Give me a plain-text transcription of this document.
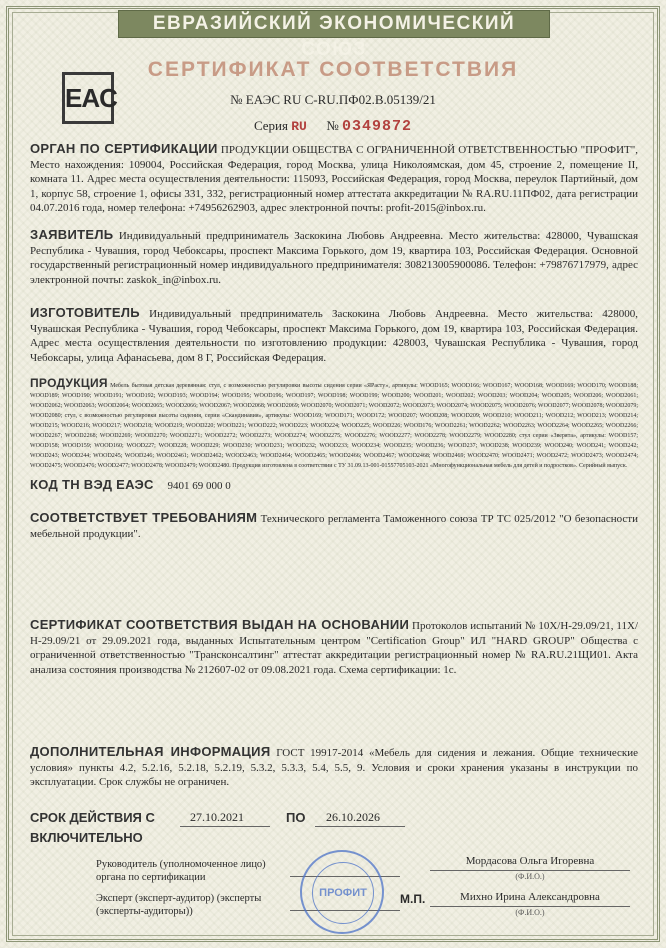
ЕВРАЗИЙСКИЙ ЭКОНОМИЧЕСКИЙ СОЮЗ
СЕРТИФИКАТ СООТВЕТСТВИЯ
EAC	№ ЕАЭС RU С-RU.ПФ02.В.05139/21
Серия RU № 0349872
ОРГАН ПО СЕРТИФИКАЦИИ ПРОДУКЦИИ ОБЩЕСТВА С ОГРАНИЧЕННОЙ ОТВЕТСТВЕННОСТЬЮ "ПРОФИТ", Место нахождения: 109004, Российская Федерация, город Москва, улица Николоямская, дом 45, строение 2, помещение II, комната 11. Адрес места осуществления деятельности: 115093, Российская Федерация, город Москва, переулок Партийный, дом 1, корпус 58, строение 1, офисы 331, 332, регистрационный номер аттестата аккредитации № RA.RU.11ПФ02, дата регистрации 04.07.2016 года, номер телефона: +74956262903, адрес электронной почты: profit-2015@inbox.ru.
ЗАЯВИТЕЛЬ Индивидуальный предприниматель Заскокина Любовь Андреевна. Место жительства: 428000, Чувашская Республика - Чувашия, город Чебоксары, проспект Максима Горького, дом 19, квартира 103, Российская Федерация. Основной государственный регистрационный номер индивидуального предпринимателя: 308213005900086. Телефон: +79876717979, адрес электронной почты: zaskok_in@inbox.ru.
ИЗГОТОВИТЕЛЬ Индивидуальный предприниматель Заскокина Любовь Андреевна. Место жительства: 428000, Чувашская Республика - Чувашия, город Чебоксары, проспект Максима Горького, дом 19, квартира 103, Российская Федерация. Адрес места осуществления деятельности по изготовлению продукции: 428003, Чувашская Республика - Чувашия, город Чебоксары, улица Афанасьева, дом 8 Г, Российская Федерация.
ПРОДУКЦИЯ Мебель бытовая детская деревянная: стул, с возможностью регулировки высоты сидения серии «ЯРасту», артикулы: WOOD165; WOOD166; WOOD167; WOOD168; WOOD169; WOOD170; WOOD188; WOOD189; WOOD190; WOOD191; WOOD192; WOOD193; WOOD194; WOOD195; WOOD196; WOOD197; WOOD198; WOOD199; WOOD200; WOOD201; WOOD202; WOOD203; WOOD204; WOOD205; WOOD206; WOOD2061; WOOD2062; WOOD2063; WOOD2064; WOOD2065; WOOD2066; WOOD2067; WOOD2068; WOOD2069; WOOD2070; WOOD2071; WOOD2072; WOOD2073; WOOD2074; WOOD2075; WOOD2076; WOOD2077; WOOD2078; WOOD2079; WOOD2080; стул, с возможностью регулировки высоты сидения, серии «Скандинавия», артикулы: WOOD169; WOOD171; WOOD172; WOOD207; WOOD208; WOOD209; WOOD210; WOOD211; WOOD212; WOOD213; WOOD214; WOOD215; WOOD216; WOOD217; WOOD218; WOOD219; WOOD220; WOOD221; WOOD222; WOOD223; WOOD224; WOOD225; WOOD226; WOOD176; WOOD2261; WOOD2262; WOOD2263; WOOD2264; WOOD2265; WOOD2266; WOOD2267; WOOD2268; WOOD2269; WOOD2270; WOOD2271; WOOD2272; WOOD2273; WOOD2274; WOOD2275; WOOD2276; WOOD2277; WOOD2278; WOOD2279; WOOD2280; стул серии «Зверята», артикулы: WOOD157; WOOD158; WOOD159; WOOD160; WOOD227; WOOD228; WOOD229; WOOD230; WOOD231; WOOD232; WOOD233; WOOD234; WOOD235; WOOD236; WOOD237; WOOD238; WOOD239; WOOD240; WOOD241; WOOD242; WOOD243; WOOD244; WOOD245; WOOD246; WOOD2461; WOOD2462; WOOD2463; WOOD2464; WOOD2465; WOOD2466; WOOD2467; WOOD2468; WOOD2469; WOOD2470; WOOD2471; WOOD2472; WOOD2473; WOOD2474; WOOD2475; WOOD2476; WOOD2477; WOOD2478; WOOD2479; WOOD2480. Продукция изготовлена в соответствии с ТУ 31.09.13-001-01557705103-2021 «Многофункциональная мебель для детей и подростков». Серийный выпуск.
КОД ТН ВЭД ЕАЭС 9401 69 000 0
СООТВЕТСТВУЕТ ТРЕБОВАНИЯМ Технического регламента Таможенного союза ТР ТС 025/2012 "О безопасности мебельной продукции".
СЕРТИФИКАТ СООТВЕТСТВИЯ ВЫДАН НА ОСНОВАНИИ Протоколов испытаний № 10Х/Н-29.09/21, 11Х/Н-29.09/21 от 29.09.2021 года, выданных Испытательным центром "Certification Group" ИЛ "HARD GROUP" Общества с ограниченной ответственностью "Трансконсалтинг" аттестат аккредитации регистрационный номер № RA.RU.21ЩИ01. Акта анализа состояния производства № 212607-02 от 09.08.2021 года. Схема сертификации: 1с.
ДОПОЛНИТЕЛЬНАЯ ИНФОРМАЦИЯ ГОСТ 19917-2014 «Мебель для сидения и лежания. Общие технические условия» пункты 4.2, 5.2.16, 5.2.18, 5.2.19, 5.3.2, 5.3.3, 5.4, 5.5, 9. Условия и сроки хранения указаны в инструкции по эксплуатации. Срок службы не ограничен.
СРОК ДЕЙСТВИЯ С	27.10.2021	ПО 26.10.2026
ВКЛЮЧИТЕЛЬНО
Руководитель (уполномоченное лицо) органа по сертификации
Мордасова Ольга Игоревна
(Ф.И.О.)
М.П.
Эксперт (эксперт-аудитор) (эксперты (эксперты-аудиторы))
Михно Ирина Александровна
(Ф.И.О.)
ПРОФИТ
